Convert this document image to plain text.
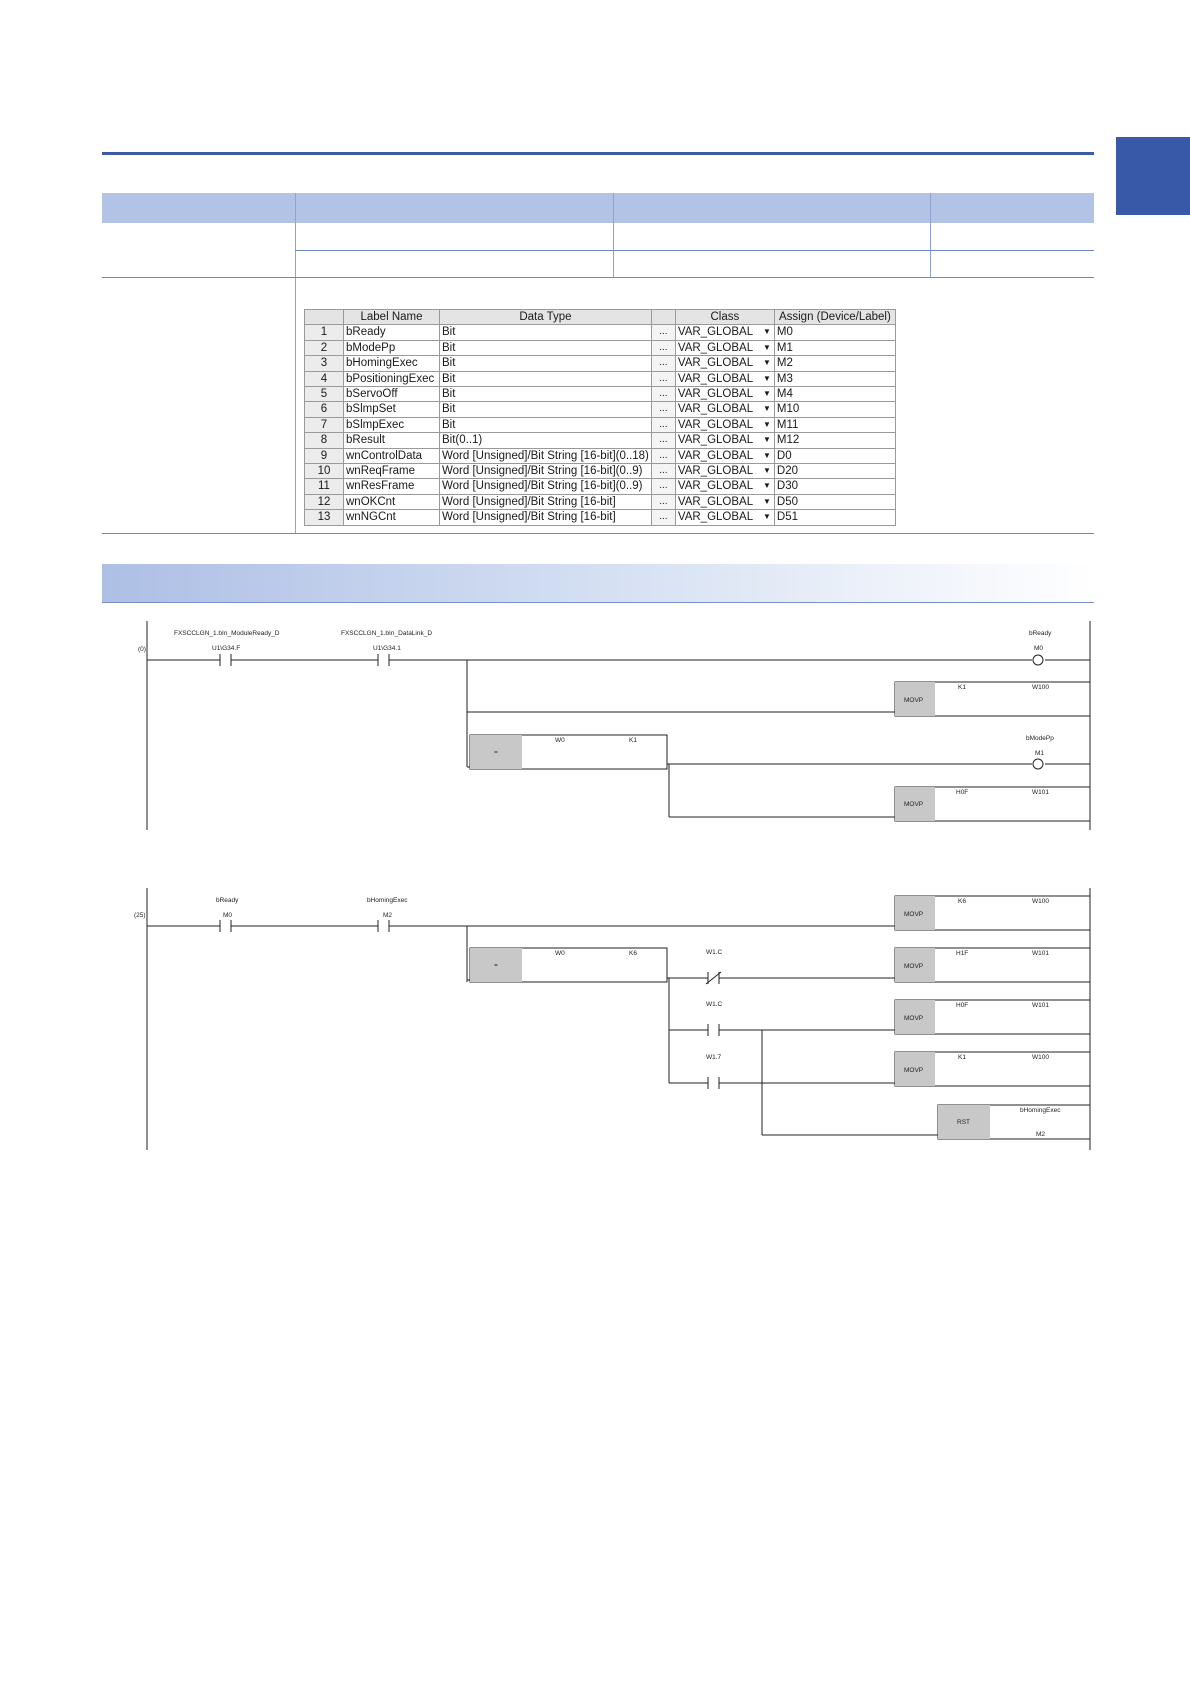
	Label Name	Data Type		Class	Assign (Device/Label)
1	bReady	Bit	...	VAR_GLOBAL ▼	M0
2	bModePp	Bit	...	VAR_GLOBAL ▼	M1
3	bHomingExec	Bit	...	VAR_GLOBAL ▼	M2
4	bPositioningExec	Bit	...	VAR_GLOBAL ▼	M3
5	bServoOff	Bit	...	VAR_GLOBAL ▼	M4
6	bSlmpSet	Bit	...	VAR_GLOBAL ▼	M10
7	bSlmpExec	Bit	...	VAR_GLOBAL ▼	M11
8	bResult	Bit(0..1)	...	VAR_GLOBAL ▼	M12
9	wnControlData	Word [Unsigned]/Bit String [16-bit](0..18)	...	VAR_GLOBAL ▼	D0
10	wnReqFrame	Word [Unsigned]/Bit String [16-bit](0..9)	...	VAR_GLOBAL ▼	D20
11	wnResFrame	Word [Unsigned]/Bit String [16-bit](0..9)	...	VAR_GLOBAL ▼	D30
12	wnOKCnt	Word [Unsigned]/Bit String [16-bit]	...	VAR_GLOBAL ▼	D50
13	wnNGCnt	Word [Unsigned]/Bit String [16-bit]	...	VAR_GLOBAL ▼	D51
(0)
FXSCCLGN_1.bIn_ModuleReady_D
U1\G34.F
FXSCCLGN_1.bIn_DataLink_D
U1\G34.1
bReady
M0
MOVP
K1	W100
=
W0	K1	bModePp
M1
MOVP
H0F	W101
(25)
bReady
M0
bHomingExec
M2	MOVP
K6	W100
=
W0	K6	W1.C
MOVP
H1F	W101
W1.C
MOVP
H0F	W101
W1.7
MOVP
K1	W100
RST
bHomingExec
M2
